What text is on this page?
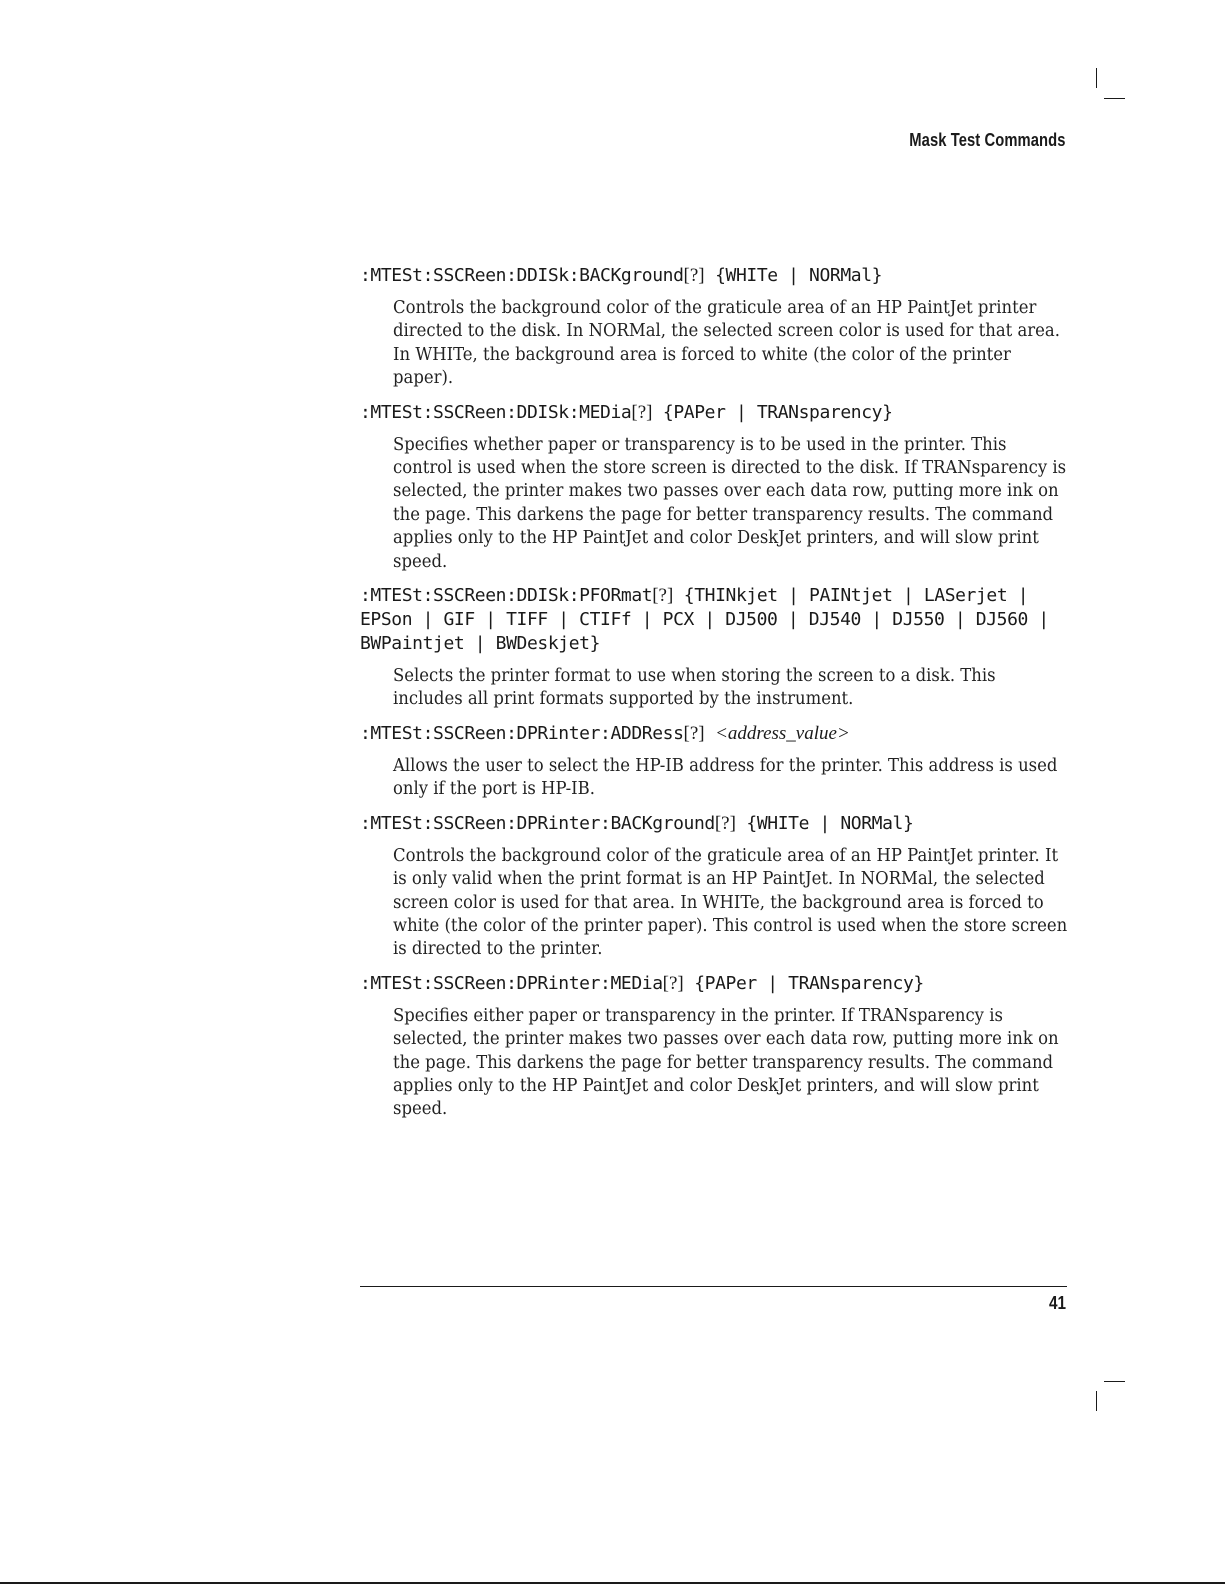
Mask Test Commands
:MTESt:SSCReen:DDISk:BACKground[?] {WHITe | NORMal}
Controls the background color of the graticule area of an HP PaintJet printer directed to the disk. In NORMal, the selected screen color is used for that area. In WHITe, the background area is forced to white (the color of the printer paper).
:MTESt:SSCReen:DDISk:MEDia[?] {PAPer | TRANsparency}
Specifies whether paper or transparency is to be used in the printer. This control is used when the store screen is directed to the disk. If TRANsparency is selected, the printer makes two passes over each data row, putting more ink on the page. This darkens the page for better transparency results. The command applies only to the HP PaintJet and color DeskJet printers, and will slow print speed.
:MTESt:SSCReen:DDISk:PFORmat[?] {THINkjet | PAINtjet | LASerjet | EPSon | GIF | TIFF | CTIFf | PCX | DJ500 | DJ540 | DJ550 | DJ560 | BWPaintjet | BWDeskjet}
Selects the printer format to use when storing the screen to a disk. This includes all print formats supported by the instrument.
:MTESt:SSCReen:DPRinter:ADDRess[?] <address_value>
Allows the user to select the HP-IB address for the printer. This address is used only if the port is HP-IB.
:MTESt:SSCReen:DPRinter:BACKground[?] {WHITe | NORMal}
Controls the background color of the graticule area of an HP PaintJet printer. It is only valid when the print format is an HP PaintJet. In NORMal, the selected screen color is used for that area. In WHITe, the background area is forced to white (the color of the printer paper). This control is used when the store screen is directed to the printer.
:MTESt:SSCReen:DPRinter:MEDia[?] {PAPer | TRANsparency}
Specifies either paper or transparency in the printer. If TRANsparency is selected, the printer makes two passes over each data row, putting more ink on the page. This darkens the page for better transparency results. The command applies only to the HP PaintJet and color DeskJet printers, and will slow print speed.
41
